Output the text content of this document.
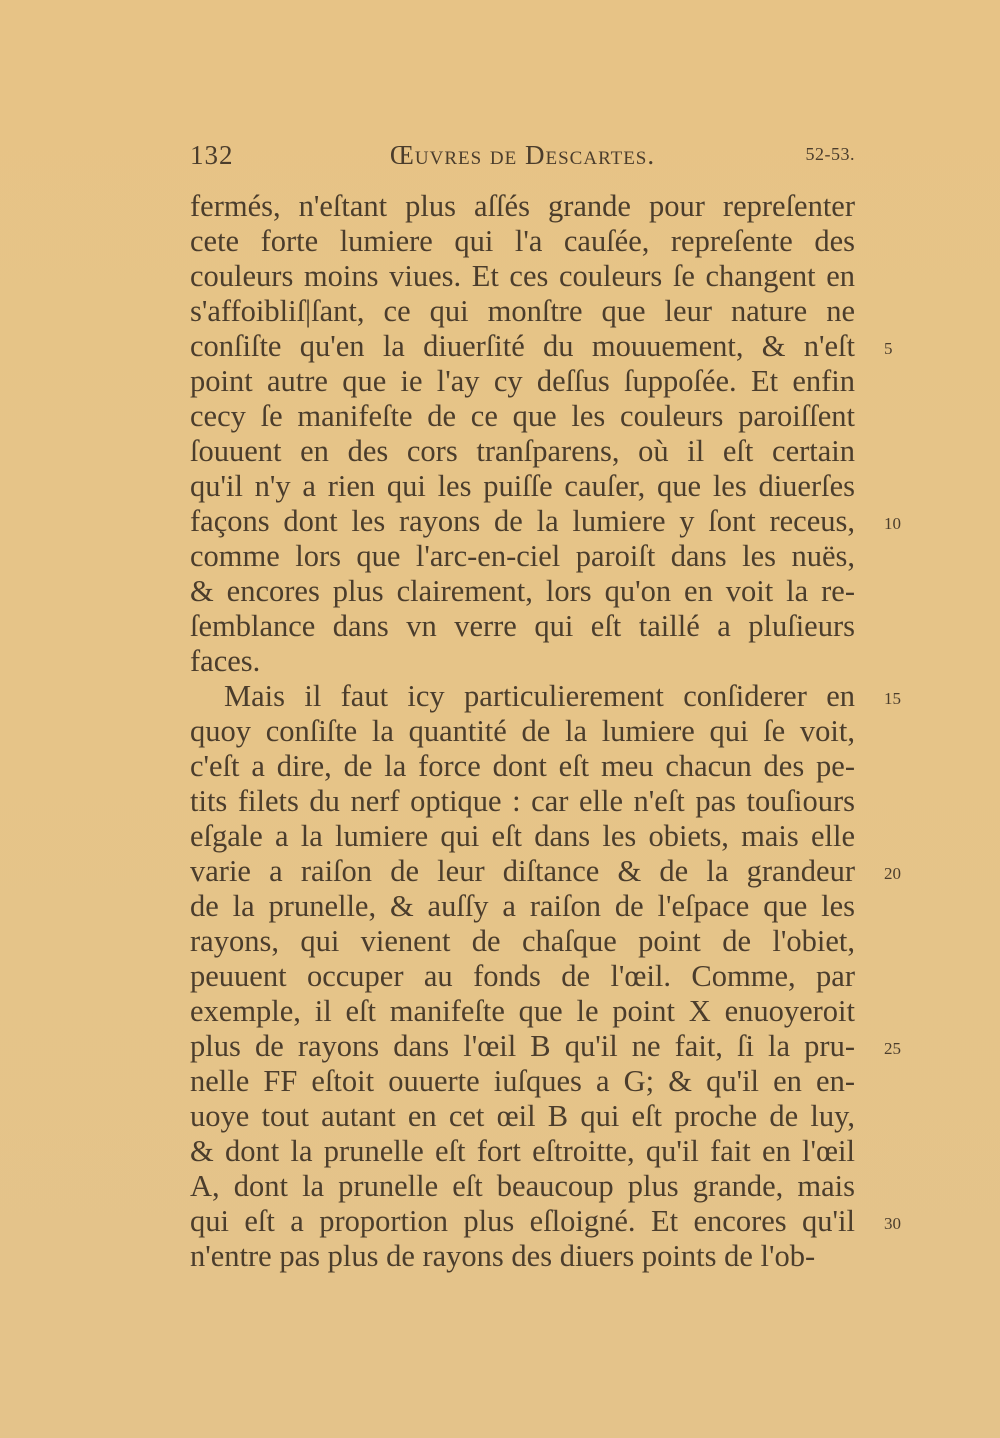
132	Œuvres de Descartes.	52-53.
fermés, n'eſtant plus aſſés grande pour repreſenter
cete forte lumiere qui l'a cauſée, repreſente des
couleurs moins viues. Et ces couleurs ſe changent en
s'affoibliſ|ſant, ce qui monſtre que leur nature ne
conſiſte qu'en la diuerſité du mouuement, & n'eſt
point autre que ie l'ay cy deſſus ſuppoſée. Et enfin
cecy ſe manifeſte de ce que les couleurs paroiſſent
ſouuent en des cors tranſparens, où il eſt certain
qu'il n'y a rien qui les puiſſe cauſer, que les diuerſes
façons dont les rayons de la lumiere y ſont receus,
comme lors que l'arc-en-ciel paroiſt dans les nuës,
& encores plus clairement, lors qu'on en voit la re-
ſemblance dans vn verre qui eſt taillé a pluſieurs
faces.
Mais il faut icy particulierement conſiderer en
quoy conſiſte la quantité de la lumiere qui ſe voit,
c'eſt a dire, de la force dont eſt meu chacun des pe-
tits filets du nerf optique : car elle n'eſt pas touſiours
eſgale a la lumiere qui eſt dans les obiets, mais elle
varie a raiſon de leur diſtance & de la grandeur
de la prunelle, & auſſy a raiſon de l'eſpace que les
rayons, qui vienent de chaſque point de l'obiet,
peuuent occuper au fonds de l'œil. Comme, par
exemple, il eſt manifeſte que le point X enuoyeroit
plus de rayons dans l'œil B qu'il ne fait, ſi la pru-
nelle FF eſtoit ouuerte iuſques a G; & qu'il en en-
uoye tout autant en cet œil B qui eſt proche de luy,
& dont la prunelle eſt fort eſtroitte, qu'il fait en l'œil
A, dont la prunelle eſt beaucoup plus grande, mais
qui eſt a proportion plus eſloigné. Et encores qu'il
n'entre pas plus de rayons des diuers points de l'ob-
5
10
15
20
25
30
